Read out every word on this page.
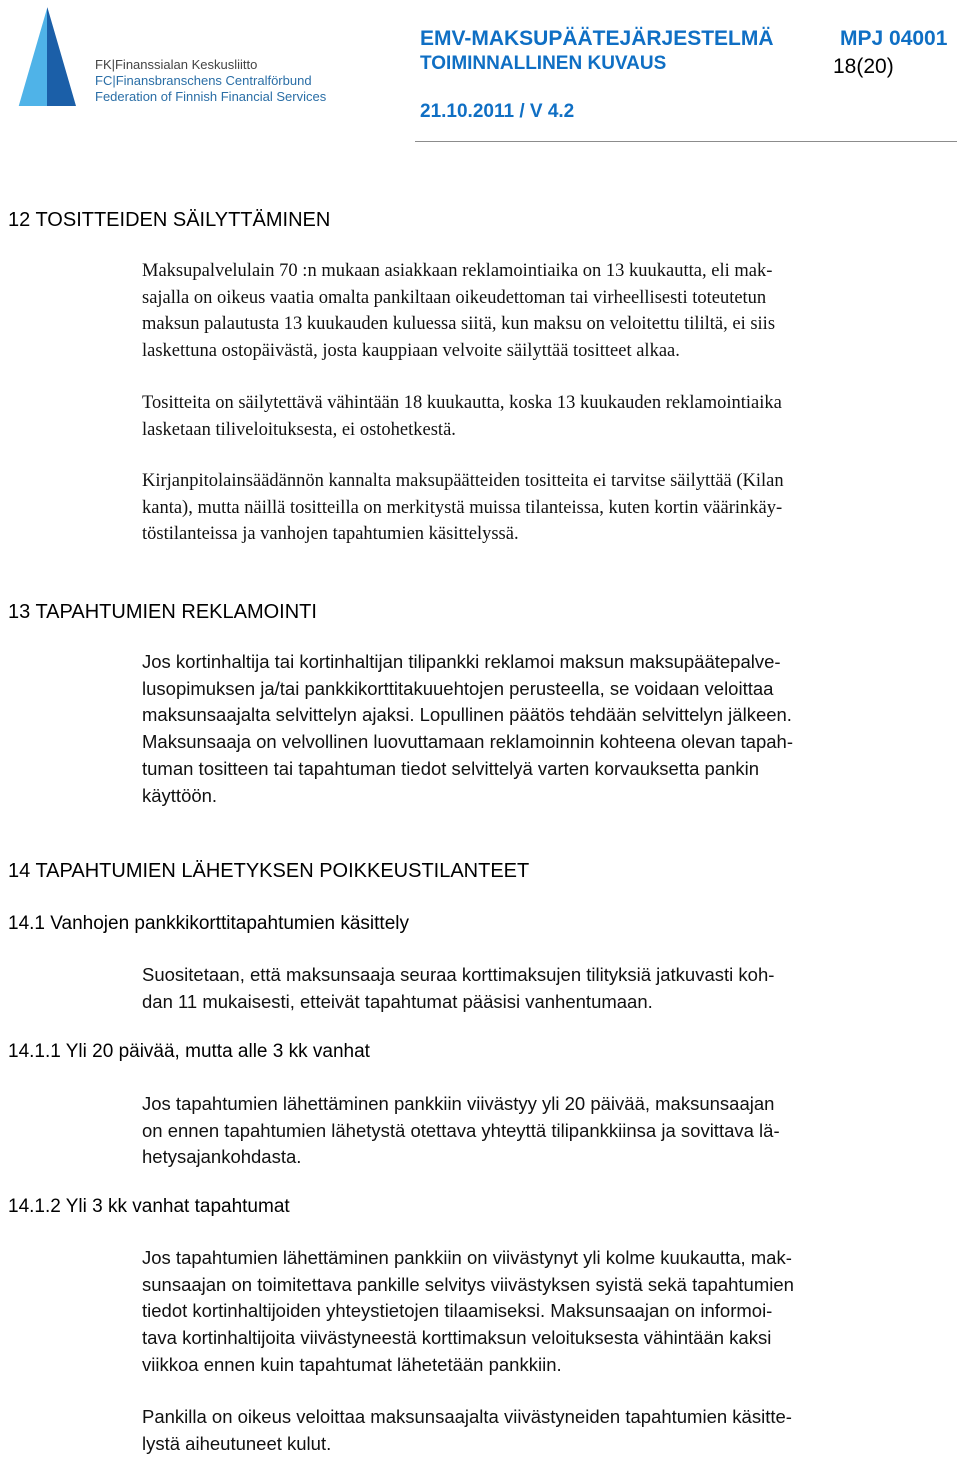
FK|Finanssialan Keskusliitto
FC|Finansbranschens Centralförbund
Federation of Finnish Financial Services
EMV-MAKSUPÄÄTEJÄRJESTELMÄ	MPJ 04001
TOIMINNALLINEN KUVAUS	18(20)
21.10.2011 / V 4.2
12 TOSITTEIDEN SÄILYTTÄMINEN

Maksupalvelulain 70 :n mukaan asiakkaan reklamointiaika on 13 kuukautta, eli mak-
sajalla on oikeus vaatia omalta pankiltaan oikeudettoman tai virheellisesti toteutetun
maksun palautusta 13 kuukauden kuluessa siitä, kun maksu on veloitettu tililtä, ei siis
laskettuna ostopäivästä, josta kauppiaan velvoite säilyttää tositteet alkaa.

Tositteita on säilytettävä vähintään 18 kuukautta, koska 13 kuukauden reklamointiaika
lasketaan tiliveloituksesta, ei ostohetkestä.

Kirjanpitolainsäädännön kannalta maksupäätteiden tositteita ei tarvitse säilyttää (Kilan
kanta), mutta näillä tositteilla on merkitystä muissa tilanteissa, kuten kortin väärinkäy-
töstilanteissa ja vanhojen tapahtumien käsittelyssä.

13 TAPAHTUMIEN REKLAMOINTI

Jos kortinhaltija tai kortinhaltijan tilipankki reklamoi maksun maksupäätepalve-
lusopimuksen ja/tai pankkikorttitakuuehtojen perusteella, se voidaan veloittaa
maksunsaajalta selvittelyn ajaksi. Lopullinen päätös tehdään selvittelyn jälkeen.
Maksunsaaja on velvollinen luovuttamaan reklamoinnin kohteena olevan tapah-
tuman tositteen tai tapahtuman tiedot selvittelyä varten korvauksetta pankin
käyttöön.

14 TAPAHTUMIEN LÄHETYKSEN POIKKEUSTILANTEET
14.1 Vanhojen pankkikorttitapahtumien käsittely

Suositetaan, että maksunsaaja seuraa korttimaksujen tilityksiä jatkuvasti koh-
dan 11 mukaisesti, etteivät tapahtumat pääsisi vanhentumaan.

14.1.1 Yli 20 päivää, mutta alle 3 kk vanhat

Jos tapahtumien lähettäminen pankkiin viivästyy yli 20 päivää, maksunsaajan
on ennen tapahtumien lähetystä otettava yhteyttä tilipankkiinsa ja sovittava lä-
hetysajankohdasta.

14.1.2 Yli 3 kk vanhat tapahtumat

Jos tapahtumien lähettäminen pankkiin on viivästynyt yli kolme kuukautta, mak-
sunsaajan on toimitettava pankille selvitys viivästyksen syistä sekä tapahtumien
tiedot kortinhaltijoiden yhteystietojen tilaamiseksi. Maksunsaajan on informoi-
tava kortinhaltijoita viivästyneestä korttimaksun veloituksesta vähintään kaksi
viikkoa ennen kuin tapahtumat lähetetään pankkiin.

Pankilla on oikeus veloittaa maksunsaajalta viivästyneiden tapahtumien käsitte-
lystä aiheutuneet kulut.
